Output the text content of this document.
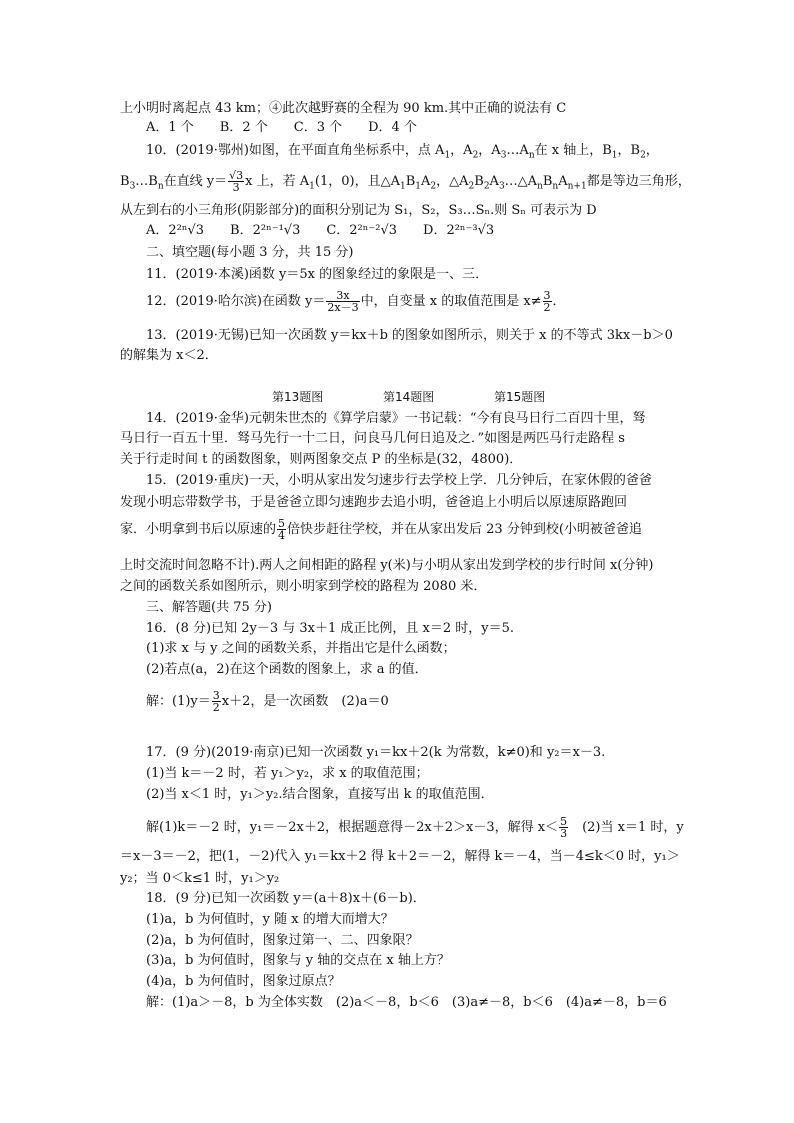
上小明时离起点 43 km；④此次越野赛的全程为 90 km.其中正确的说法有 C
A．1 个　　B．2 个　　C．3 个　　D．4 个
10．(2019·鄂州)如图，在平面直角坐标系中，点 $A_1$，$A_2$，$A_3\dots A_n$在 x 轴上，$B_1$，$B_2$，
$B_3\dots B_n$在直线 $y= \frac{√3}{3}$ x 上，若 $A_1(1$，0)，且$\triangle A_1B_1A_2$，$\triangle A_2B_2A_3\dots\triangle A_nB_nA_{n+1}$都是等边三角形，
从左到右的小三角形(阴影部分)的面积分别记为 S₁，S₂，S₃…Sₙ.则 Sₙ 可表示为 D
A．2²ⁿ√3　　B．2²ⁿ⁻¹√3　　C．2²ⁿ⁻²√3　　D．2²ⁿ⁻³√3
二、填空题(每小题 3 分，共 15 分)
11．(2019·本溪)函数 y＝5x 的图象经过的象限是一、三．
12．(2019·哈尔滨)在函数 $y= \frac{3x}{2x-3}$ 中，自变量 x 的取值范围是 $x\ne \frac{3}{2}$ ．
13．(2019·无锡)已知一次函数 y＝kx＋b 的图象如图所示，则关于 x 的不等式 3kx－b＞0
的解集为 x＜2．
第13题图	第14题图	第15题图
14．(2019·金华)元朝朱世杰的《算学启蒙》一书记载：“今有良马日行二百四十里，驽
马日行一百五十里．驽马先行一十二日，问良马几何日追及之．”如图是两匹马行走路程 s
关于行走时间 t 的函数图象，则两图象交点 P 的坐标是(32，4800)．
15．(2019·重庆)一天，小明从家出发匀速步行去学校上学．几分钟后，在家休假的爸爸
发现小明忘带数学书，于是爸爸立即匀速跑步去追小明，爸爸追上小明后以原速原路跑回
家．小明拿到书后以原速的 $\frac{5}{4}$ 倍快步赶往学校，并在从家出发后 23 分钟到校(小明被爸爸追
上时交流时间忽略不计).两人之间相距的路程 y(米)与小明从家出发到学校的步行时间 x(分钟)
之间的函数关系如图所示，则小明家到学校的路程为 2080 米．
三、解答题(共 75 分)
16．(8 分)已知 2y－3 与 3x＋1 成正比例，且 x＝2 时，y＝5.
(1)求 x 与 y 之间的函数关系，并指出它是什么函数；
(2)若点(a，2)在这个函数的图象上，求 a 的值．
解：$(1)y= \frac{3}{2} x+2$，是一次函数　(2)a＝0
17．(9 分)(2019·南京)已知一次函数 y₁＝kx＋2(k 为常数，k≠0)和 y₂＝x－3.
(1)当 k＝－2 时，若 y₁＞y₂，求 x 的取值范围；
(2)当 x＜1 时，y₁＞y₂.结合图象，直接写出 k 的取值范围．
解(1)k＝－2 时，y₁＝－2x＋2，根据题意得－2x＋2＞x－3，解得 $x< \frac{5}{3}$
　 (2)当 x＝1 时，y
＝x－3＝－2，把(1，－2)代入 y₁＝kx＋2 得 k＋2＝－2，解得 k＝－4，当－4≤k＜0 时，y₁＞
y₂；当 0＜k≤1 时，y₁＞y₂
18．(9 分)已知一次函数 y＝(a＋8)x＋(6－b)．
(1)a，b 为何值时，y 随 x 的增大而增大？
(2)a，b 为何值时，图象过第一、二、四象限？
(3)a，b 为何值时，图象与 y 轴的交点在 x 轴上方？
(4)a，b 为何值时，图象过原点？
解：(1)a＞－8，b 为全体实数　(2)a＜－8，b＜6　(3)a≠－8，b＜6　(4)a≠－8，b＝6
